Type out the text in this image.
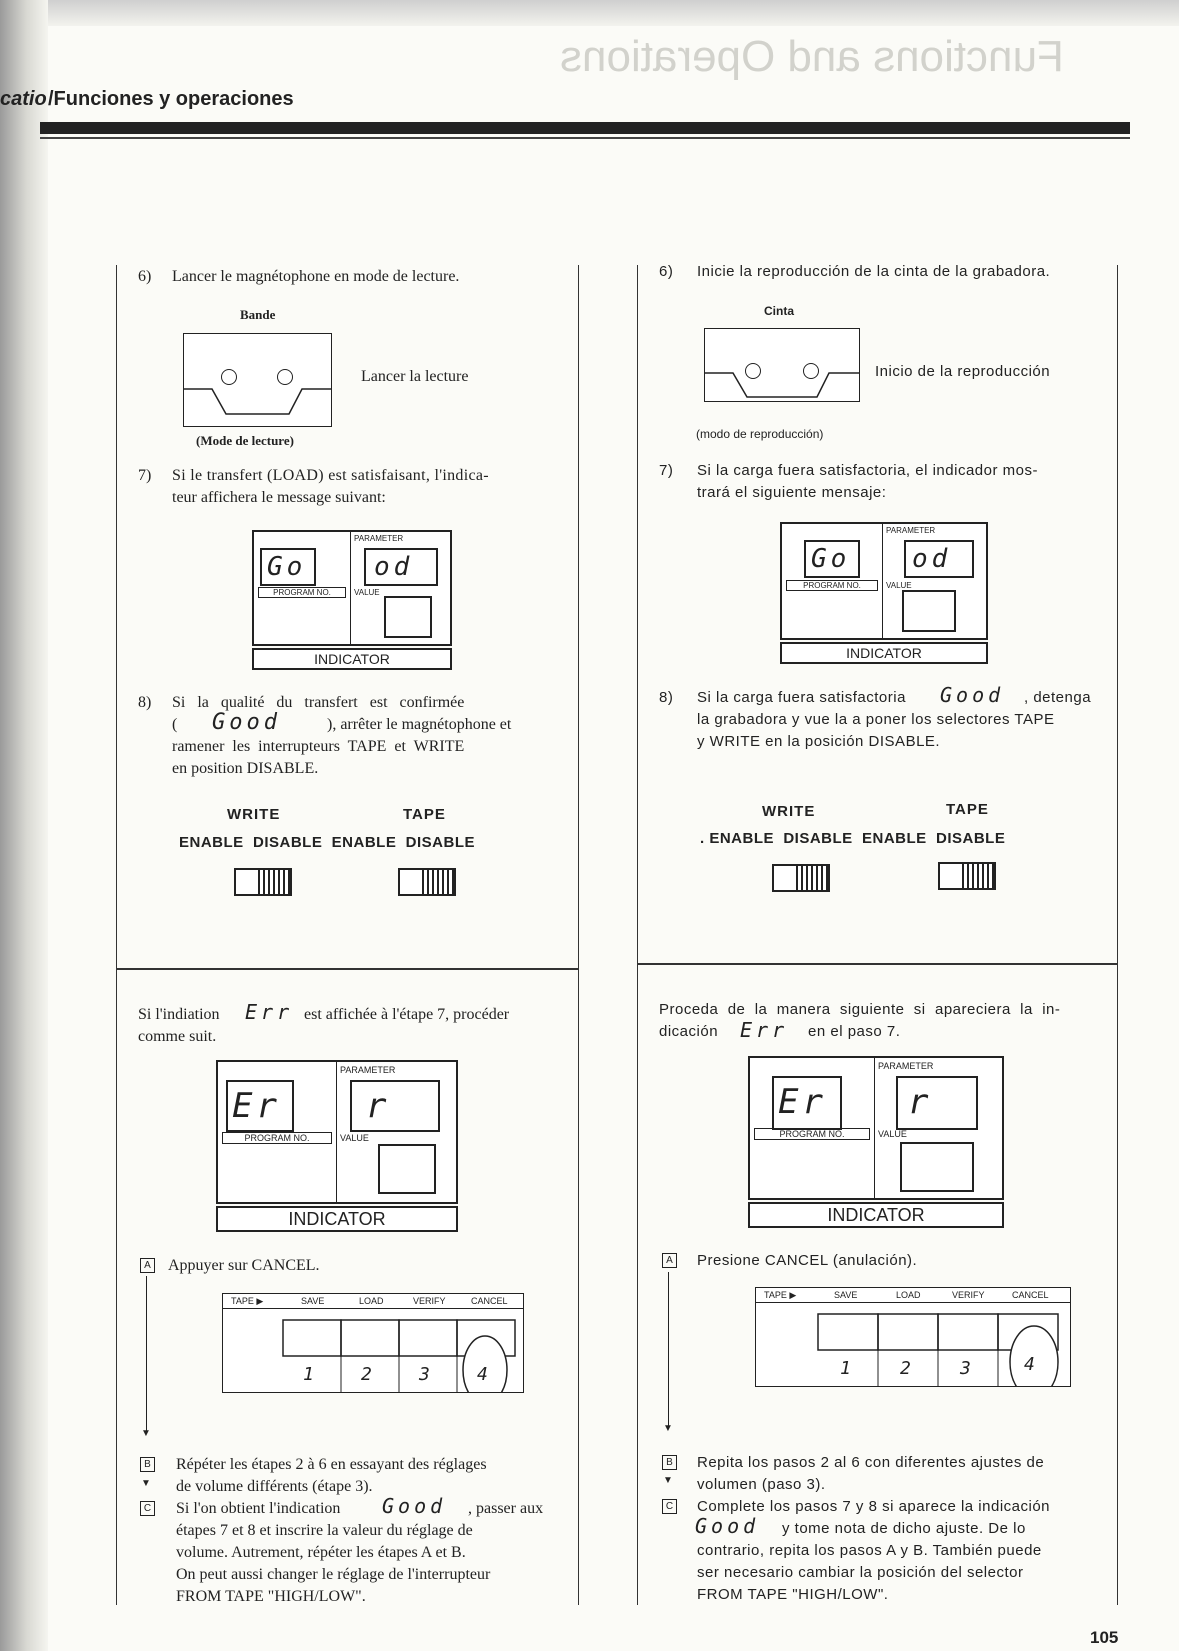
Functions and Operations
catio /Funciones y operaciones
6) Lancer le magnétophone en mode de lecture.
Bande
Lancer la lecture
(Mode de lecture)
7) Si le transfert (LOAD) est satisfaisant, l'indica-
teur affichera le message suivant:
PARAMETER
Go	od
PROGRAM NO.	VALUE
INDICATOR
8) Si   la   qualité   du   transfert   est   confirmée
( Good	), arrêter le magnétophone et
ramener  les  interrupteurs  TAPE  et  WRITE
en position DISABLE.
WRITE	TAPE
ENABLE  DISABLE  ENABLE  DISABLE
Si l'indiation Err est affichée à l'étape 7, procéder
comme suit.
PARAMETER
Er	r
PROGRAM NO.	VALUE
INDICATOR
A Appuyer sur CANCEL.
▼
TAPE ▶	SAVE	LOAD	VERIFY	CANCEL
1 2 3 4
B Répéter les étapes 2 à 6 en essayant des réglages
de volume différents (étape 3).
▼
C Si l'on obtient l'indication Good , passer aux
étapes 7 et 8 et inscrire la valeur du réglage de
volume. Autrement, répéter les étapes A et B.
On peut aussi changer le réglage de l'interrupteur
FROM TAPE "HIGH/LOW".
6) Inicie la reproducción de la cinta de la grabadora.
Cinta
Inicio de la reproducción
(modo de reproducción)
7) Si la carga fuera satisfactoria, el indicador mos-
trará el siguiente mensaje:
PARAMETER
Go od
PROGRAM NO.	VALUE
INDICATOR
8) Si la carga fuera satisfactoria Good , detenga
la grabadora y vue la a poner los selectores TAPE
y WRITE en la posición DISABLE.
WRITE	TAPE
. ENABLE  DISABLE  ENABLE  DISABLE
Proceda  de  la  manera  siguiente  si  apareciera  la  in-
dicación Err en el paso 7.
PARAMETER
Er r
PROGRAM NO.	VALUE
INDICATOR
A Presione CANCEL (anulación).
▼
TAPE ▶	SAVE	LOAD	VERIFY	CANCEL
1	2	3	4
B Repita los pasos 2 al 6 con diferentes ajustes de
volumen (paso 3).
▼
C Complete los pasos 7 y 8 si aparece la indicación
Good y tome nota de dicho ajuste. De lo
contrario, repita los pasos A y B. También puede
ser necesario cambiar la posición del selector
FROM TAPE "HIGH/LOW".
105
